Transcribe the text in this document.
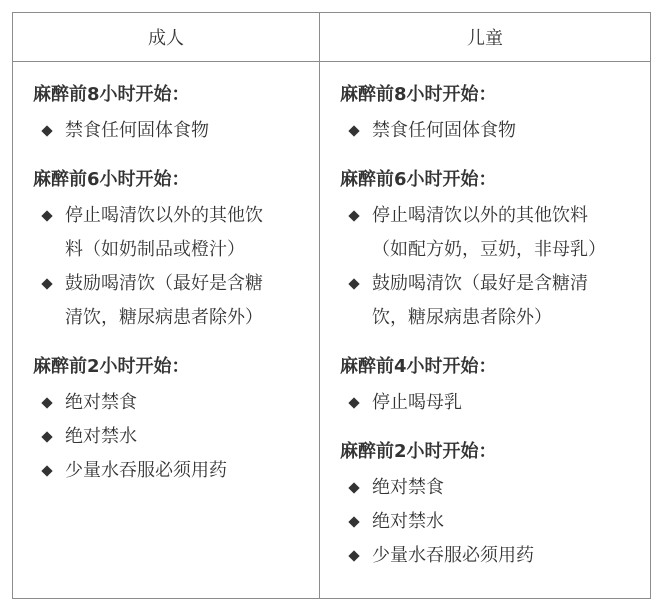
成人	儿童
麻醉前8小时开始：
禁食任何固体食物
麻醉前6小时开始：
停止喝清饮以外的其他饮
料（如奶制品或橙汁）
鼓励喝清饮（最好是含糖
清饮，糖尿病患者除外）
麻醉前2小时开始：
绝对禁食
绝对禁水
少量水吞服必须用药
麻醉前8小时开始：
禁食任何固体食物
麻醉前6小时开始：
停止喝清饮以外的其他饮料
（如配方奶，豆奶，非母乳）
鼓励喝清饮（最好是含糖清
饮，糖尿病患者除外）
麻醉前4小时开始：
停止喝母乳
麻醉前2小时开始：
绝对禁食
绝对禁水
少量水吞服必须用药
